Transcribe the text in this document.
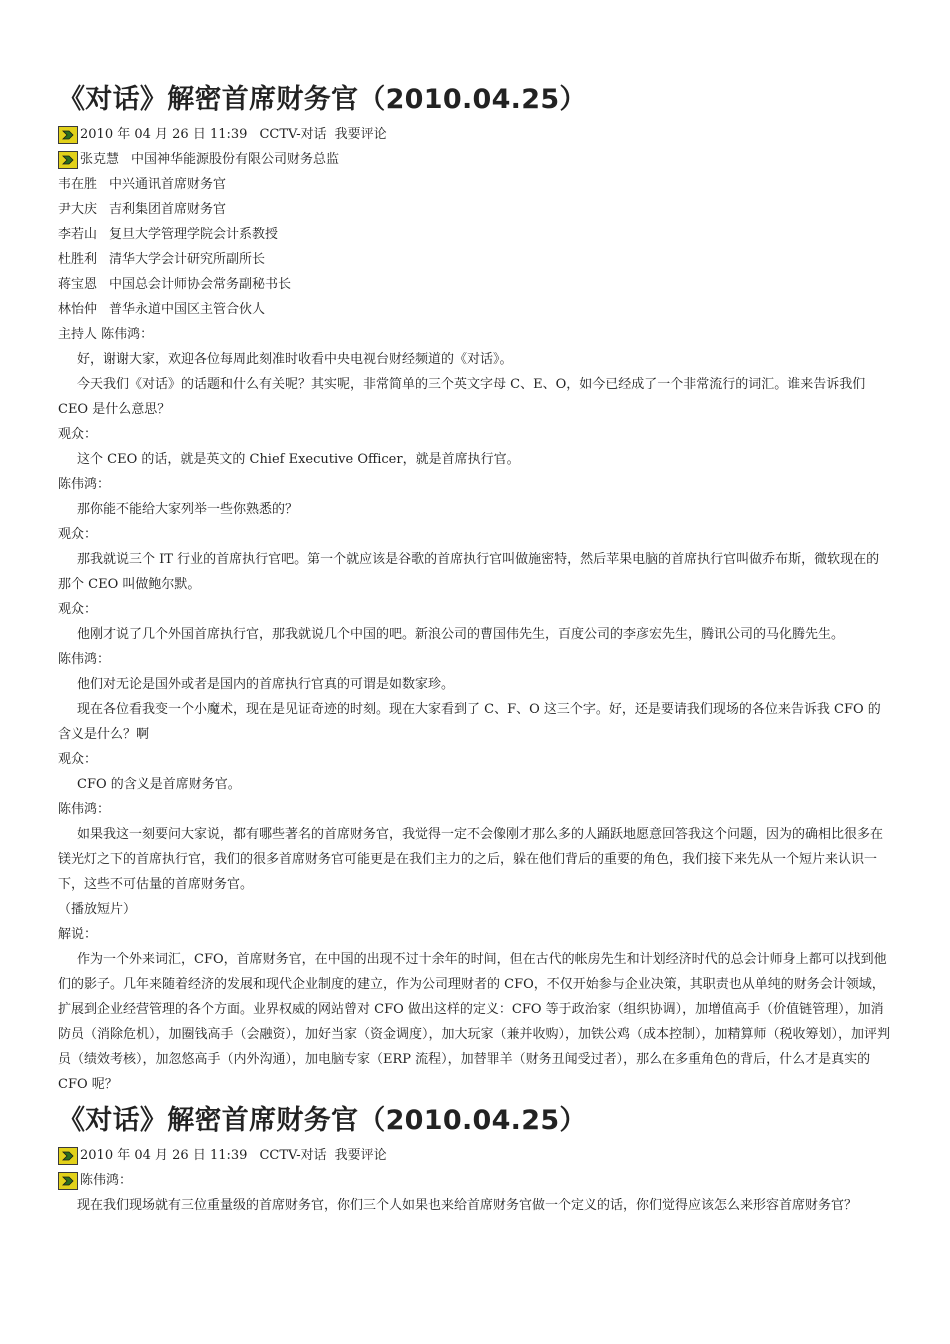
《对话》解密首席财务官（2010.04.25）
2010 年 04 月 26 日 11:39 CCTV-对话 我要评论
张克慧 中国神华能源股份有限公司财务总监
韦在胜 中兴通讯首席财务官
尹大庆 吉利集团首席财务官
李若山 复旦大学管理学院会计系教授
杜胜利 清华大学会计研究所副所长
蒋宝恩 中国总会计师协会常务副秘书长
林怡仲 普华永道中国区主管合伙人

主持人 陈伟鸿：

好，谢谢大家，欢迎各位每周此刻准时收看中央电视台财经频道的《对话》。

今天我们《对话》的话题和什么有关呢？其实呢，非常简单的三个英文字母 C、E、O，如今已经成了一个非常流行的词汇。谁来告诉我们 CEO 是什么意思？

观众：

这个 CEO 的话，就是英文的 Chief Executive Officer，就是首席执行官。

陈伟鸿：

那你能不能给大家列举一些你熟悉的？

观众：

那我就说三个 IT 行业的首席执行官吧。第一个就应该是谷歌的首席执行官叫做施密特，然后苹果电脑的首席执行官叫做乔布斯，微软现在的那个 CEO 叫做鲍尔默。

观众：

他刚才说了几个外国首席执行官，那我就说几个中国的吧。新浪公司的曹国伟先生，百度公司的李彦宏先生，腾讯公司的马化腾先生。

陈伟鸿：

他们对无论是国外或者是国内的首席执行官真的可谓是如数家珍。

现在各位看我变一个小魔术，现在是见证奇迹的时刻。现在大家看到了 C、F、O 这三个字。好，还是要请我们现场的各位来告诉我 CFO 的含义是什么？啊

观众：

CFO 的含义是首席财务官。

陈伟鸿：

如果我这一刻要问大家说，都有哪些著名的首席财务官，我觉得一定不会像刚才那么多的人踊跃地愿意回答我这个问题，因为的确相比很多在镁光灯之下的首席执行官，我们的很多首席财务官可能更是在我们主力的之后，躲在他们背后的重要的角色，我们接下来先从一个短片来认识一下，这些不可估量的首席财务官。

（播放短片）

解说：

作为一个外来词汇，CFO，首席财务官，在中国的出现不过十余年的时间，但在古代的帐房先生和计划经济时代的总会计师身上都可以找到他们的影子。几年来随着经济的发展和现代企业制度的建立，作为公司理财者的 CFO，不仅开始参与企业决策，其职责也从单纯的财务会计领域，扩展到企业经营管理的各个方面。业界权威的网站曾对 CFO 做出这样的定义：CFO 等于政治家（组织协调），加增值高手（价值链管理），加消防员（消除危机），加圈钱高手（会融资），加好当家（资金调度），加大玩家（兼并收购），加铁公鸡（成本控制），加精算师（税收筹划），加评判员（绩效考核），加忽悠高手（内外沟通），加电脑专家（ERP 流程），加替罪羊（财务丑闻受过者），那么在多重角色的背后，什么才是真实的 CFO 呢？

《对话》解密首席财务官（2010.04.25）
2010 年 04 月 26 日 11:39 CCTV-对话 我要评论
陈伟鸿：

现在我们现场就有三位重量级的首席财务官，你们三个人如果也来给首席财务官做一个定义的话，你们觉得应该怎么来形容首席财务官？
